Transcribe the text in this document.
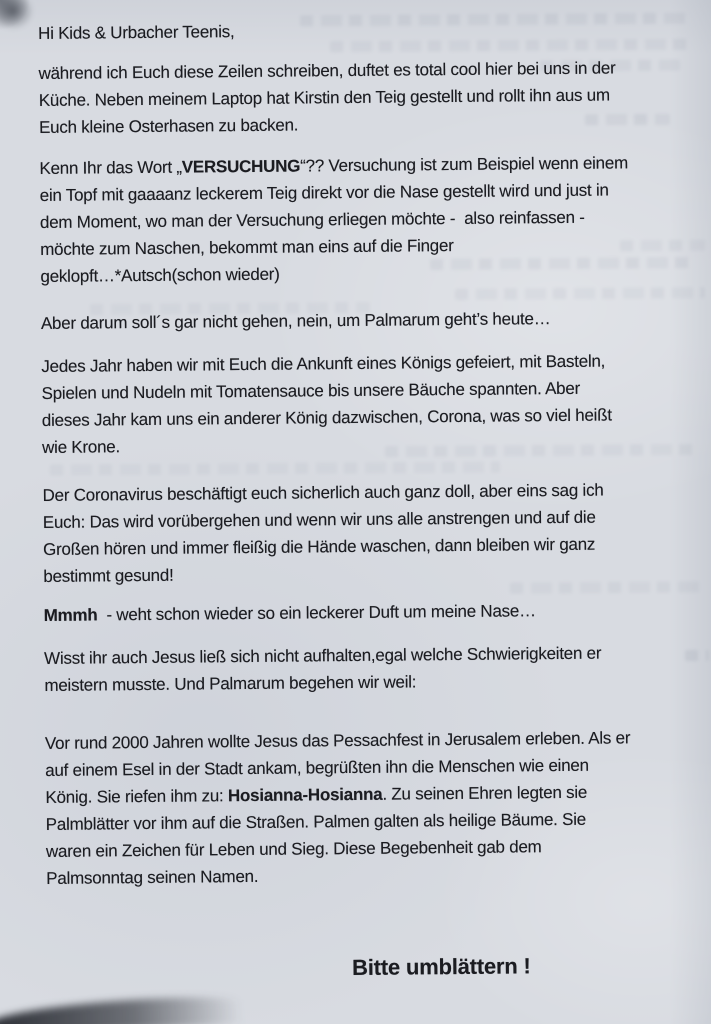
Hi Kids & Urbacher Teenis,

während ich Euch diese Zeilen schreiben, duftet es total cool hier bei uns in der
Küche. Neben meinem Laptop hat Kirstin den Teig gestellt und rollt ihn aus um
Euch kleine Osterhasen zu backen.

Kenn Ihr das Wort „VERSUCHUNG“?? Versuchung ist zum Beispiel wenn einem
ein Topf mit gaaaanz leckerem Teig direkt vor die Nase gestellt wird und just in
dem Moment, wo man der Versuchung erliegen möchte -  also reinfassen -
möchte zum Naschen, bekommt man eins auf die Finger
geklopft…*Autsch(schon wieder)

Aber darum soll´s gar nicht gehen, nein, um Palmarum geht’s heute…

Jedes Jahr haben wir mit Euch die Ankunft eines Königs gefeiert, mit Basteln,
Spielen und Nudeln mit Tomatensauce bis unsere Bäuche spannten. Aber
dieses Jahr kam uns ein anderer König dazwischen, Corona, was so viel heißt
wie Krone.

Der Coronavirus beschäftigt euch sicherlich auch ganz doll, aber eins sag ich
Euch: Das wird vorübergehen und wenn wir uns alle anstrengen und auf die
Großen hören und immer fleißig die Hände waschen, dann bleiben wir ganz
bestimmt gesund!

Mmmh  - weht schon wieder so ein leckerer Duft um meine Nase…

Wisst ihr auch Jesus ließ sich nicht aufhalten,egal welche Schwierigkeiten er
meistern musste. Und Palmarum begehen wir weil:

Vor rund 2000 Jahren wollte Jesus das Pessachfest in Jerusalem erleben. Als er
auf einem Esel in der Stadt ankam, begrüßten ihn die Menschen wie einen
König. Sie riefen ihm zu: Hosianna-Hosianna. Zu seinen Ehren legten sie
Palmblätter vor ihm auf die Straßen. Palmen galten als heilige Bäume. Sie
waren ein Zeichen für Leben und Sieg. Diese Begebenheit gab dem
Palmsonntag seinen Namen.

Bitte umblättern !
